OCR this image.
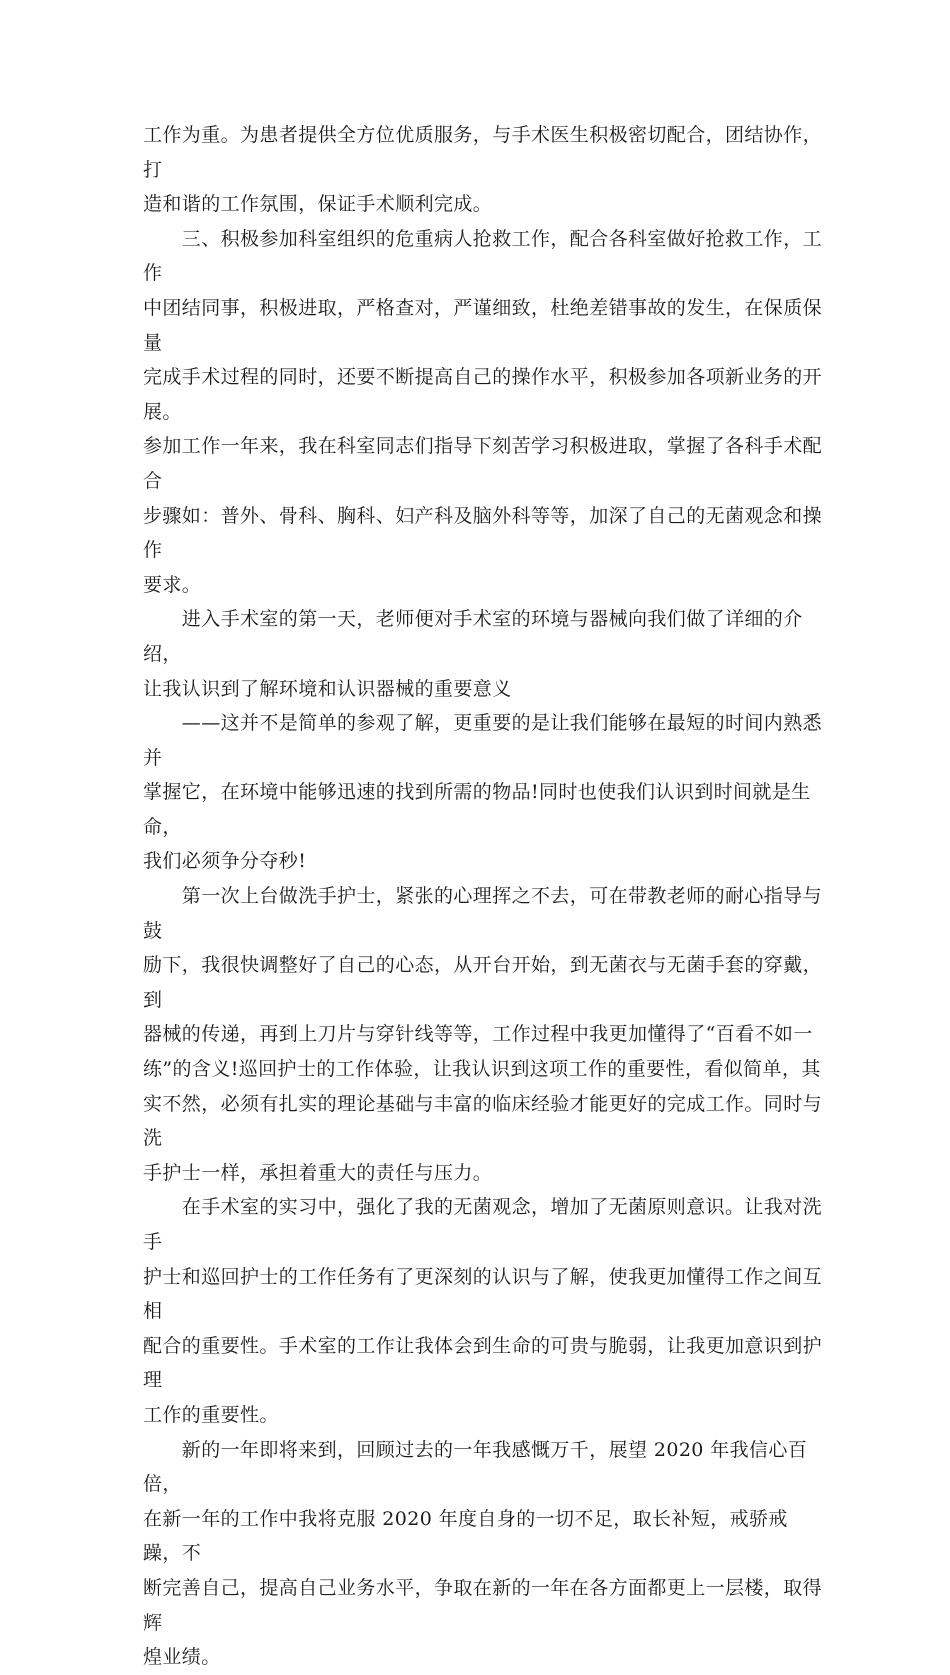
工作为重。为患者提供全方位优质服务，与手术医生积极密切配合，团结协作，打
造和谐的工作氛围，保证手术顺利完成。

　　三、积极参加科室组织的危重病人抢救工作，配合各科室做好抢救工作，工作
中团结同事，积极进取，严格查对，严谨细致，杜绝差错事故的发生，在保质保量
完成手术过程的同时，还要不断提高自己的操作水平，积极参加各项新业务的开展。
参加工作一年来，我在科室同志们指导下刻苦学习积极进取，掌握了各科手术配合
步骤如：普外、骨科、胸科、妇产科及脑外科等等，加深了自己的无菌观念和操作
要求。

　　进入手术室的第一天，老师便对手术室的环境与器械向我们做了详细的介绍，
让我认识到了解环境和认识器械的重要意义

　　——这并不是简单的参观了解，更重要的是让我们能够在最短的时间内熟悉并
掌握它，在环境中能够迅速的找到所需的物品!同时也使我们认识到时间就是生命，
我们必须争分夺秒!

　　第一次上台做洗手护士，紧张的心理挥之不去，可在带教老师的耐心指导与鼓
励下，我很快调整好了自己的心态，从开台开始，到无菌衣与无菌手套的穿戴，到
器械的传递，再到上刀片与穿针线等等，工作过程中我更加懂得了“百看不如一
练”的含义!巡回护士的工作体验，让我认识到这项工作的重要性，看似简单，其
实不然，必须有扎实的理论基础与丰富的临床经验才能更好的完成工作。同时与洗
手护士一样，承担着重大的责任与压力。

　　在手术室的实习中，强化了我的无菌观念，增加了无菌原则意识。让我对洗手
护士和巡回护士的工作任务有了更深刻的认识与了解，使我更加懂得工作之间互相
配合的重要性。手术室的工作让我体会到生命的可贵与脆弱，让我更加意识到护理
工作的重要性。

　　新的一年即将来到，回顾过去的一年我感慨万千，展望 2020 年我信心百倍，
在新一年的工作中我将克服 2020 年度自身的一切不足，取长补短，戒骄戒躁，不
断完善自己，提高自己业务水平，争取在新的一年在各方面都更上一层楼，取得辉
煌业绩。
